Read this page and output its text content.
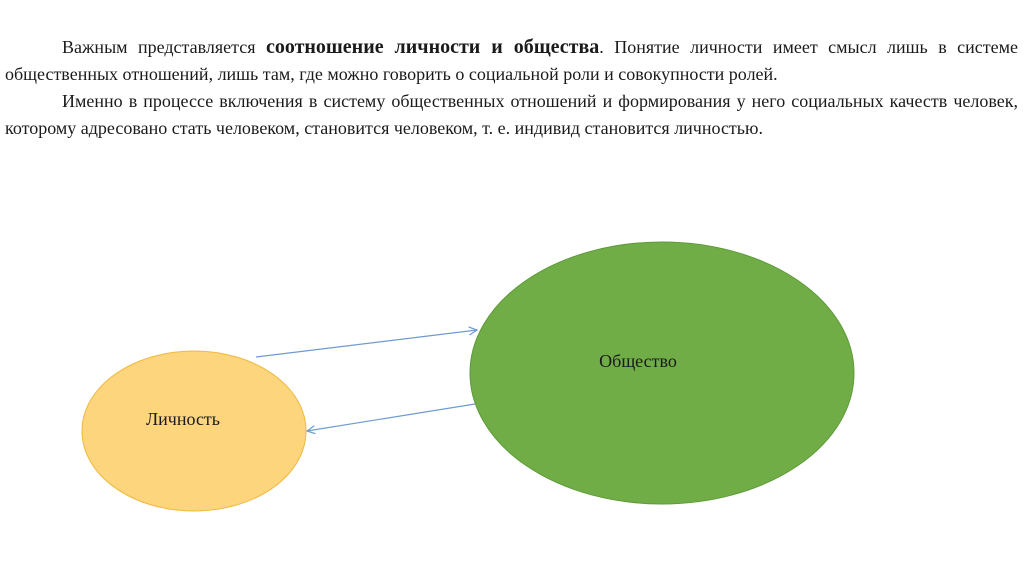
Важным представляется соотношение личности и общества. Понятие личности имеет смысл лишь в системе общественных отношений, лишь там, где можно говорить о социальной роли и совокупности ролей.

Именно в процессе включения в систему общественных отношений и формирования у него социальных качеств человек, которому адресовано стать человеком, становится человеком, т. е. индивид становится личностью.

Общество
Личность
